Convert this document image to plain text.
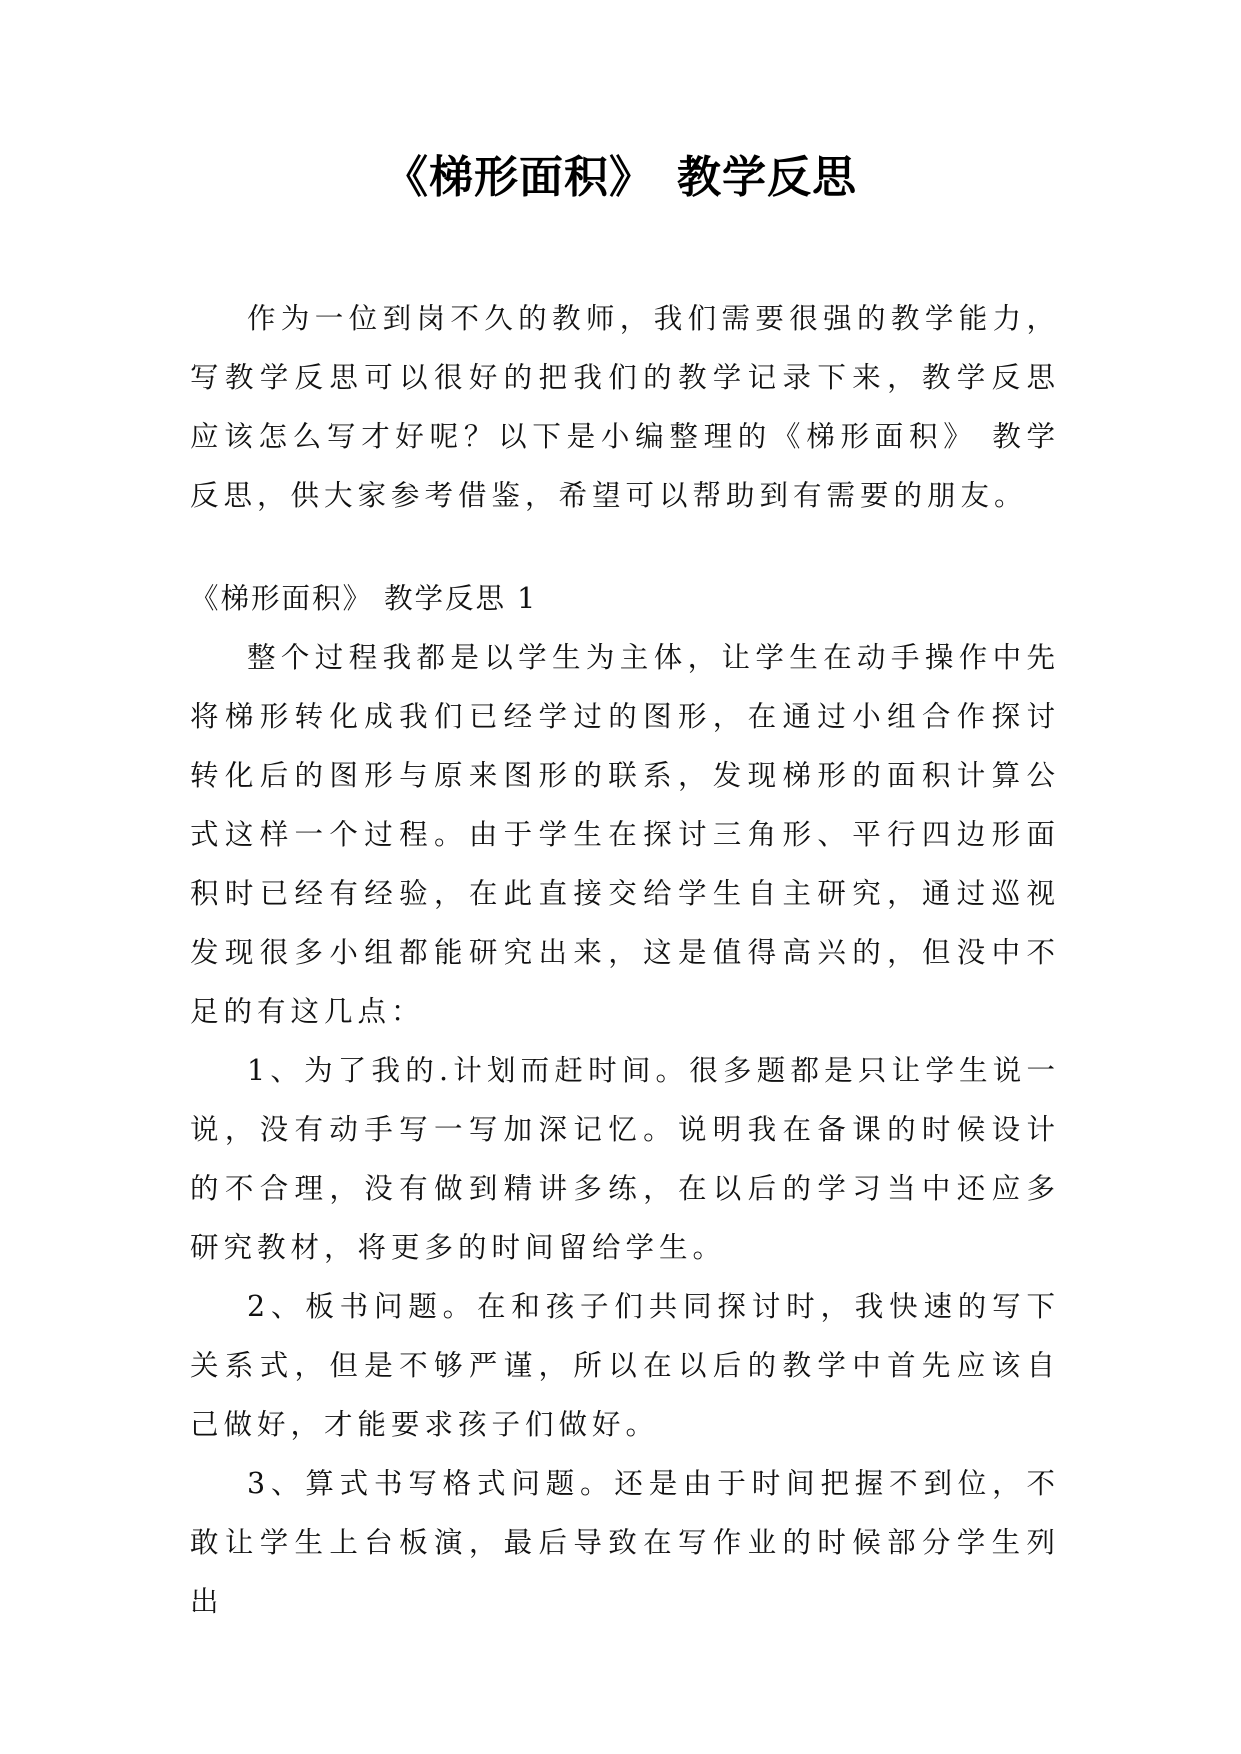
《梯形面积》　教学反思

作为一位到岗不久的教师，我们需要很强的教学能力，写教学反思可以很好的把我们的教学记录下来，教学反思应该怎么写才好呢？以下是小编整理的《梯形面积》 教学反思，供大家参考借鉴，希望可以帮助到有需要的朋友。

《梯形面积》 教学反思 1

整个过程我都是以学生为主体，让学生在动手操作中先将梯形转化成我们已经学过的图形，在通过小组合作探讨转化后的图形与原来图形的联系，发现梯形的面积计算公式这样一个过程。由于学生在探讨三角形、平行四边形面积时已经有经验，在此直接交给学生自主研究，通过巡视发现很多小组都能研究出来，这是值得高兴的，但没中不足的有这几点：

1、为了我的.计划而赶时间。很多题都是只让学生说一说，没有动手写一写加深记忆。说明我在备课的时候设计的不合理，没有做到精讲多练，在以后的学习当中还应多研究教材，将更多的时间留给学生。

2、板书问题。在和孩子们共同探讨时，我快速的写下关系式，但是不够严谨，所以在以后的教学中首先应该自己做好，才能要求孩子们做好。

3、算式书写格式问题。还是由于时间把握不到位，不敢让学生上台板演，最后导致在写作业的时候部分学生列出
